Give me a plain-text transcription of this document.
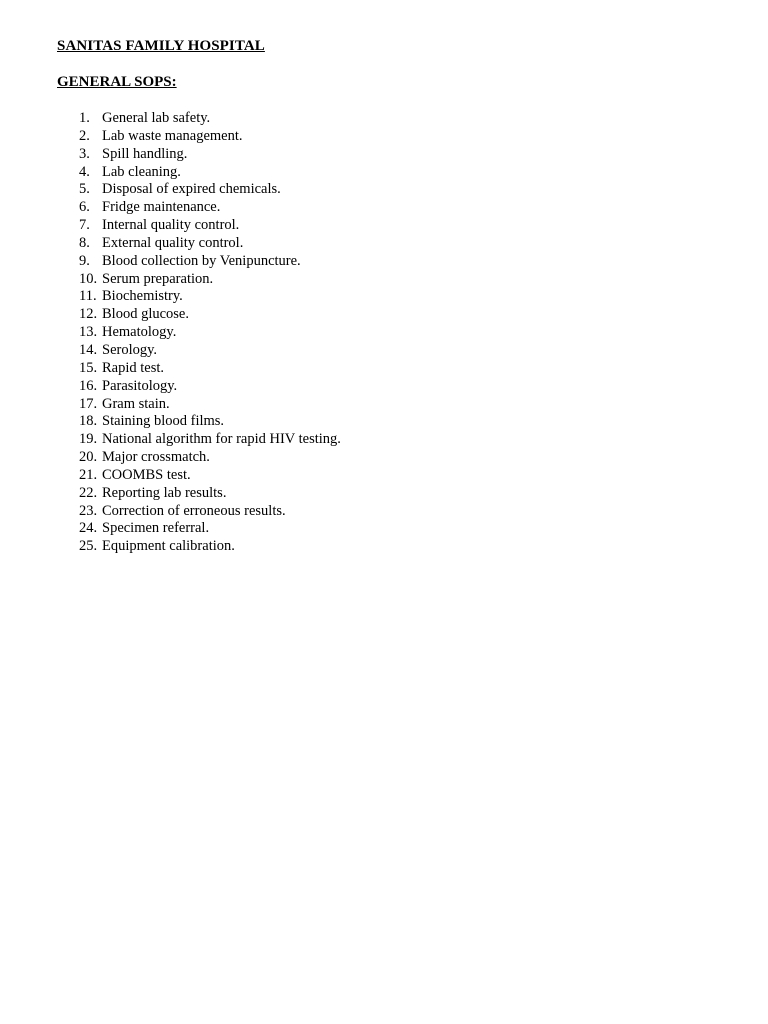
SANITAS FAMILY HOSPITAL
GENERAL SOPS:
1. General lab safety.
2. Lab waste management.
3. Spill handling.
4. Lab cleaning.
5. Disposal of expired chemicals.
6. Fridge maintenance.
7. Internal quality control.
8. External quality control.
9. Blood collection by Venipuncture.
10. Serum preparation.
11. Biochemistry.
12. Blood glucose.
13. Hematology.
14. Serology.
15. Rapid test.
16. Parasitology.
17. Gram stain.
18. Staining blood films.
19. National algorithm for rapid HIV testing.
20. Major crossmatch.
21. COOMBS test.
22. Reporting lab results.
23. Correction of erroneous results.
24. Specimen referral.
25. Equipment calibration.
